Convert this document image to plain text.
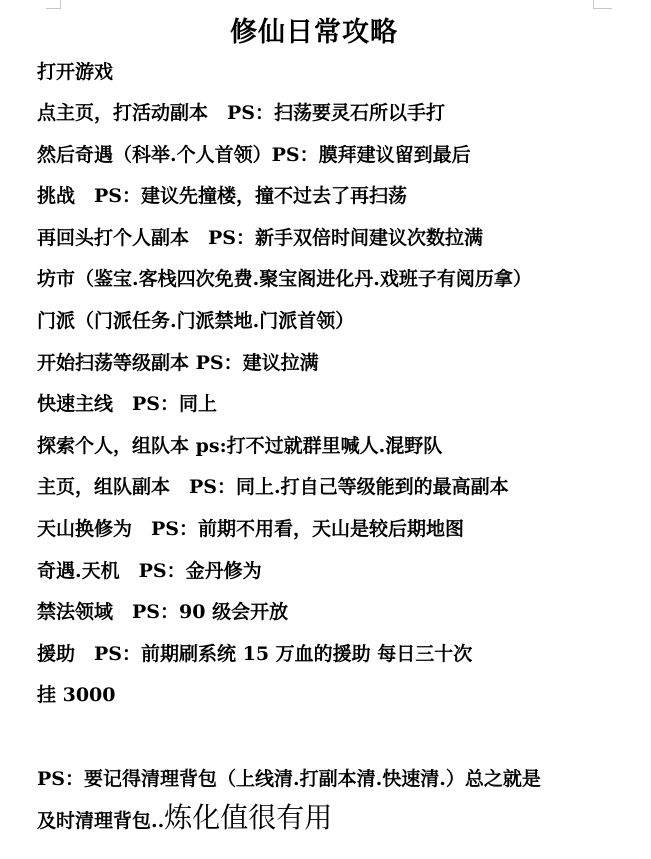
修仙日常攻略
打开游戏
点主页，打活动副本　PS：扫荡要灵石所以手打
然后奇遇（科举.个人首领）PS：膜拜建议留到最后
挑战　PS：建议先撞楼，撞不过去了再扫荡
再回头打个人副本　PS：新手双倍时间建议次数拉满
坊市（鉴宝.客栈四次免费.聚宝阁进化丹.戏班子有阅历拿）
门派（门派任务.门派禁地.门派首领）
开始扫荡等级副本 PS：建议拉满
快速主线　PS：同上
探索个人，组队本 ps:打不过就群里喊人.混野队
主页，组队副本　PS：同上.打自己等级能到的最高副本
天山换修为　PS：前期不用看，天山是较后期地图
奇遇.天机　PS：金丹修为
禁法领域　PS：90 级会开放
援助　PS：前期刷系统 15 万血的援助 每日三十次
挂 3000
PS：要记得清理背包（上线清.打副本清.快速清.）总之就是
及时清理背包..炼化值很有用
